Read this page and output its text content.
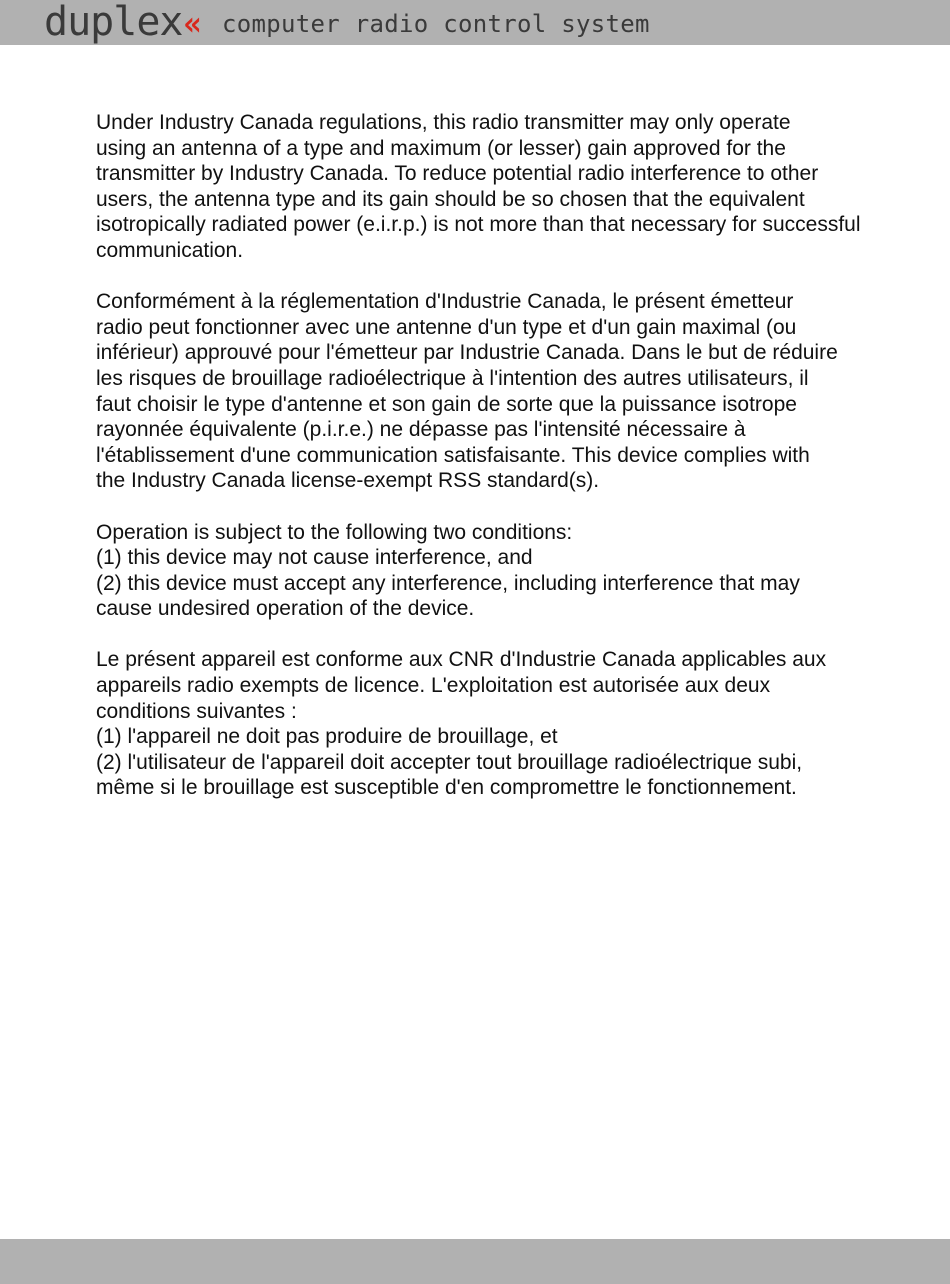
duplex « computer radio control system

Under Industry Canada regulations, this radio transmitter may only operate
using an antenna of a type and maximum (or lesser) gain approved for the
transmitter by Industry Canada. To reduce potential radio interference to other
users, the antenna type and its gain should be so chosen that the equivalent
isotropically radiated power (e.i.r.p.) is not more than that necessary for successful
communication.

Conformément à la réglementation d'Industrie Canada, le présent émetteur
radio peut fonctionner avec une antenne d'un type et d'un gain maximal (ou
inférieur) approuvé pour l'émetteur par Industrie Canada. Dans le but de réduire
les risques de brouillage radioélectrique à l'intention des autres utilisateurs, il
faut choisir le type d'antenne et son gain de sorte que la puissance isotrope
rayonnée équivalente (p.i.r.e.) ne dépasse pas l'intensité nécessaire à
l'établissement d'une communication satisfaisante. This device complies with
the Industry Canada license-exempt RSS standard(s).

Operation is subject to the following two conditions:
(1) this device may not cause interference, and
(2) this device must accept any interference, including interference that may
cause undesired operation of the device.

Le présent appareil est conforme aux CNR d'Industrie Canada applicables aux
appareils radio exempts de licence. L'exploitation est autorisée aux deux
conditions suivantes :
(1) l'appareil ne doit pas produire de brouillage, et
(2) l'utilisateur de l'appareil doit accepter tout brouillage radioélectrique subi,
même si le brouillage est susceptible d'en compromettre le fonctionnement.
